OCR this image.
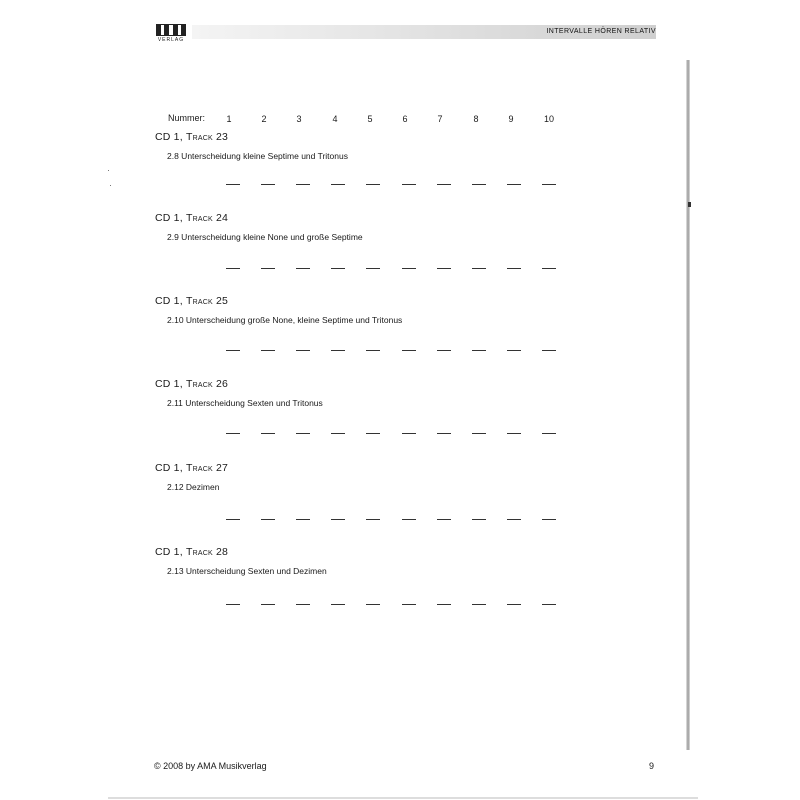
VERLAG
INTERVALLE HÖREN RELATIV
Nummer:	1	2	3	4	5	6	7	8	9	10
CD 1, Track 23
2.8 Unterscheidung kleine Septime und Tritonus
CD 1, Track 24
2.9 Unterscheidung kleine None und große Septime
CD 1, Track 25
2.10 Unterscheidung große None, kleine Septime und Tritonus
CD 1, Track 26
2.11 Unterscheidung Sexten und Tritonus
CD 1, Track 27
2.12 Dezimen
CD 1, Track 28
2.13 Unterscheidung Sexten und Dezimen
© 2008 by AMA Musikverlag	9
